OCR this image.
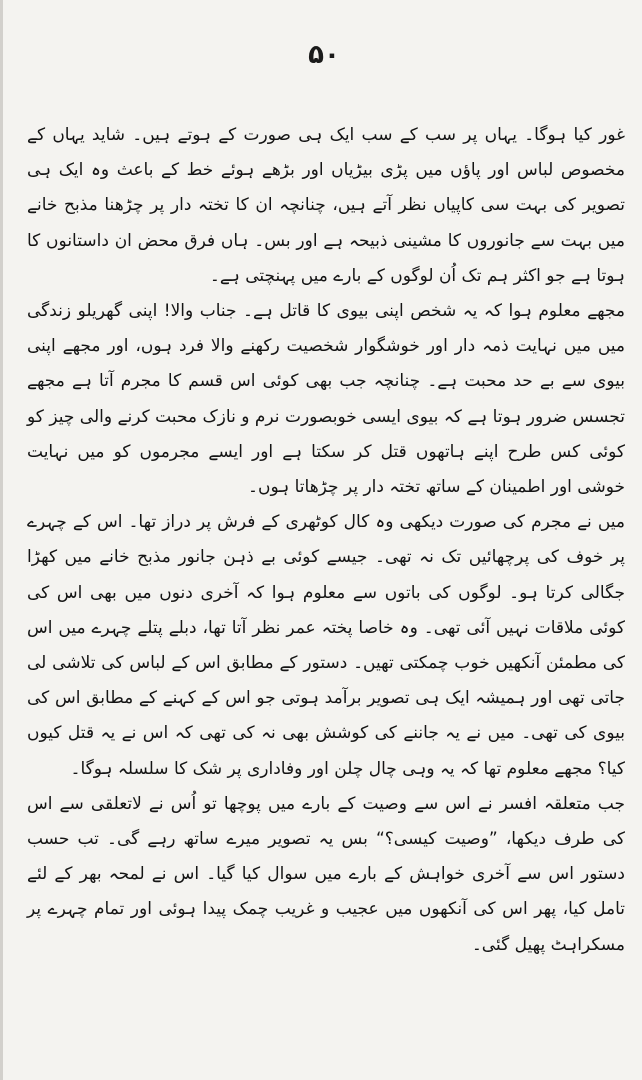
۵۰

غور کیا ہوگا۔ یہاں پر سب کے سب ایک ہی صورت کے ہوتے ہیں۔ شاید یہاں کے مخصوص لباس اور پاؤں میں پڑی بیڑیاں اور بڑھے ہوئے خط کے باعث وہ ایک ہی تصویر کی بہت سی کاپیاں نظر آتے ہیں، چنانچہ ان کا تختہ دار پر چڑھنا مذبح خانے میں بہت سے جانوروں کا مشینی ذبیحہ ہے اور بس۔ ہاں فرق محض ان داستانوں کا ہوتا ہے جو اکثر ہم تک اُن لوگوں کے بارے میں پہنچتی ہے۔

مجھے معلوم ہوا کہ یہ شخص اپنی بیوی کا قاتل ہے۔ جناب والا! اپنی گھریلو زندگی میں میں نہایت ذمہ دار اور خوشگوار شخصیت رکھنے والا فرد ہوں، اور مجھے اپنی بیوی سے بے حد محبت ہے۔ چنانچہ جب بھی کوئی اس قسم کا مجرم آتا ہے مجھے تجسس ضرور ہوتا ہے کہ بیوی ایسی خوبصورت نرم و نازک محبت کرنے والی چیز کو کوئی کس طرح اپنے ہاتھوں قتل کر سکتا ہے اور ایسے مجرموں کو میں نہایت خوشی اور اطمینان کے ساتھ تختہ دار پر چڑھاتا ہوں۔

میں نے مجرم کی صورت دیکھی وہ کال کوٹھری کے فرش پر دراز تھا۔ اس کے چہرے پر خوف کی پرچھائیں تک نہ تھی۔ جیسے کوئی بے ذہن جانور مذبح خانے میں کھڑا جگالی کرتا ہو۔ لوگوں کی باتوں سے معلوم ہوا کہ آخری دنوں میں بھی اس کی کوئی ملاقات نہیں آئی تھی۔ وہ خاصا پختہ عمر نظر آتا تھا، دبلے پتلے چہرے میں اس کی مطمئن آنکھیں خوب چمکتی تھیں۔ دستور کے مطابق اس کے لباس کی تلاشی لی جاتی تھی اور ہمیشہ ایک ہی تصویر برآمد ہوتی جو اس کے کہنے کے مطابق اس کی بیوی کی تھی۔ میں نے یہ جاننے کی کوشش بھی نہ کی تھی کہ اس نے یہ قتل کیوں کیا؟ مجھے معلوم تھا کہ یہ وہی چال چلن اور وفاداری پر شک کا سلسلہ ہوگا۔

جب متعلقہ افسر نے اس سے وصیت کے بارے میں پوچھا تو اُس نے لاتعلقی سے اس کی طرف دیکھا، ”وصیت کیسی؟“ بس یہ تصویر میرے ساتھ رہے گی۔ تب حسب دستور اس سے آخری خواہش کے بارے میں سوال کیا گیا۔ اس نے لمحہ بھر کے لئے تامل کیا، پھر اس کی آنکھوں میں عجیب و غریب چمک پیدا ہوئی اور تمام چہرے پر مسکراہٹ پھیل گئی۔
